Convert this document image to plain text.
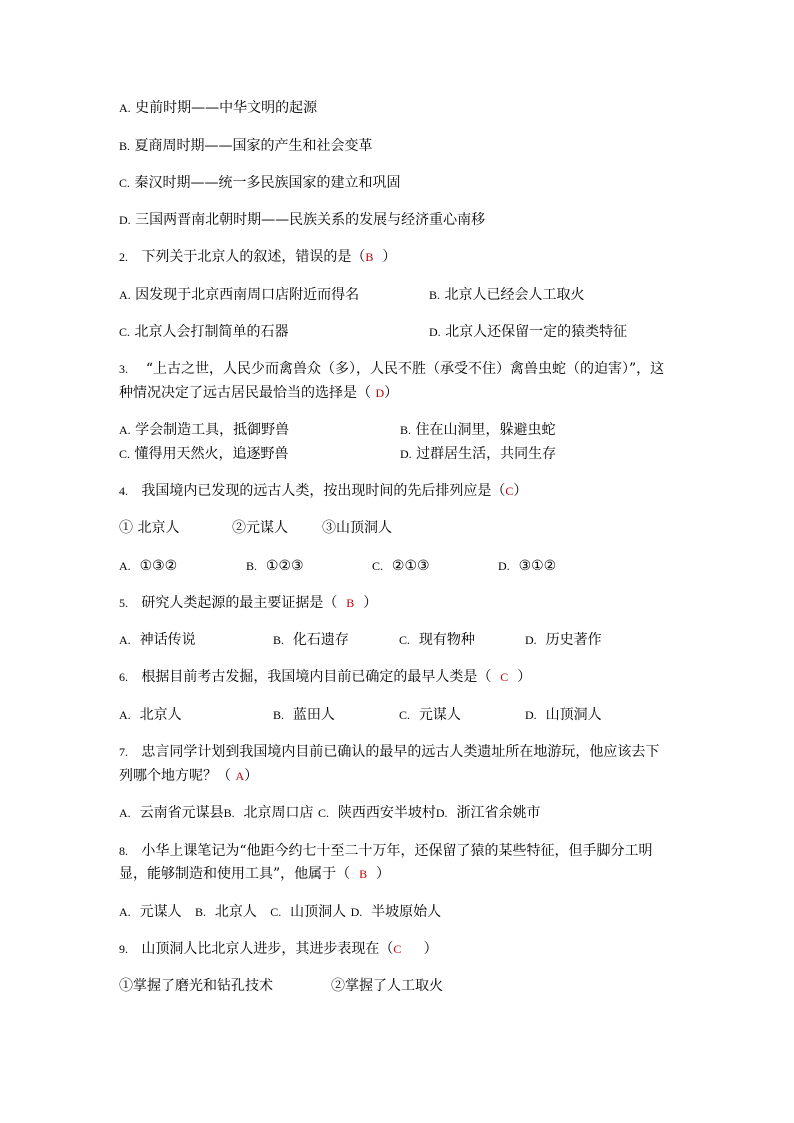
A. 史前时期——中华文明的起源
B. 夏商周时期——国家的产生和社会变革
C. 秦汉时期——统一多民族国家的建立和巩固
D. 三国两晋南北朝时期——民族关系的发展与经济重心南移
2. 下列关于北京人的叙述，错误的是（B ）
A. 因发现于北京西南周口店附近而得名	B. 北京人已经会人工取火
C. 北京人会打制简单的石器	D. 北京人还保留一定的猿类特征
3. “上古之世，人民少而禽兽众（多），人民不胜（承受不住）禽兽虫蛇（的迫害）”，这
种情况决定了远古居民最恰当的选择是（ D）
A. 学会制造工具，抵御野兽	B. 住在山洞里，躲避虫蛇
C. 懂得用天然火，追逐野兽	D. 过群居生活，共同生存
4. 我国境内已发现的远古人类，按出现时间的先后排列应是（C）
① 北京人	②元谋人 ③山顶洞人
A. ①③②	B. ①②③	C. ②①③	D. ③①②
5. 研究人类起源的最主要证据是（ B ）
A. 神话传说	B. 化石遗存	C. 现有物种	D. 历史著作
6. 根据目前考古发掘，我国境内目前已确定的最早人类是（ C ）
A. 北京人	B. 蓝田人	C. 元谋人	D. 山顶洞人
7. 忠言同学计划到我国境内目前已确认的最早的远古人类遗址所在地游玩，他应该去下
列哪个地方呢？（ A）
A. 云南省元谋县B. 北京周口店 C. 陕西西安半坡村D. 浙江省余姚市
8. 小华上课笔记为“他距今约七十至二十万年，还保留了猿的某些特征，但手脚分工明
显，能够制造和使用工具”，他属于（ B ）
A. 元谋人 B. 北京人 C. 山顶洞人 D. 半坡原始人
9. 山顶洞人比北京人进步，其进步表现在（C ）
①掌握了磨光和钻孔技术	②掌握了人工取火
